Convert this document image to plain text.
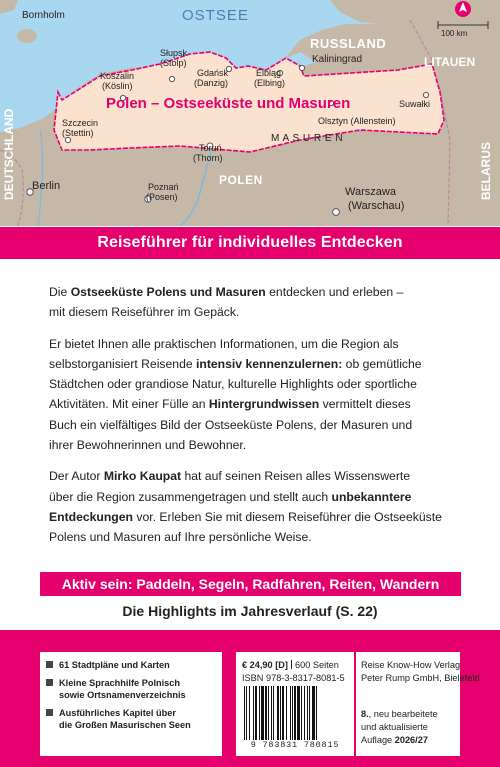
Bornholm	OSTSEE
100 km
Słupsk
(Stolp)
Koszalin
(Köslin)
Gdańsk
(Danzig)
Elbląg
(Elbing)
RUSSLAND
Kaliningrad	LITAUEN
Suwałki
Polen – Ostseeküste und Masuren
Szczecin
(Stettin)
Olsztyn (Allenstein)
M A S U R E N
Toruń
(Thorn)
POLEN
Berlin	Poznań
(Posen)	Warszawa
(Warschau)
DEUTSCHLAND	BELARUS
Reiseführer für individuelles Entdecken

Die Ostseeküste Polens und Masuren entdecken und erleben –
mit diesem Reiseführer im Gepäck.

Er bietet Ihnen alle praktischen Informationen, um die Region als
selbstorganisiert Reisende intensiv kennenzulernen: ob gemütliche
Städtchen oder grandiose Natur, kulturelle Highlights oder sportliche
Aktivitäten. Mit einer Fülle an Hintergrundwissen vermittelt dieses
Buch ein vielfältiges Bild der Ostseeküste Polens, der Masuren und
ihrer Bewohnerinnen und Bewohner.

Der Autor Mirko Kaupat hat auf seinen Reisen alles Wissenswerte
über die Region zusammengetragen und stellt auch unbekanntere
Entdeckungen vor. Erleben Sie mit diesem Reiseführer die Ostseeküste
Polens und Masuren auf Ihre persönliche Weise.

Aktiv sein: Paddeln, Segeln, Radfahren, Reiten, Wandern
Die Highlights im Jahresverlauf (S. 22)
61 Stadtpläne und Karten
Kleine Sprachhilfe Polnisch
sowie Ortsnamenverzeichnis
Ausführliches Kapitel über
die Großen Masurischen Seen
€ 24,90 [D] 600 Seiten
ISBN 978-3-8317-8081-5
9 783831 780815
Reise Know-How Verlag
Peter Rump GmbH, Bielefeld
8., neu bearbeitete
und aktualisierte
Auflage 2026/27
